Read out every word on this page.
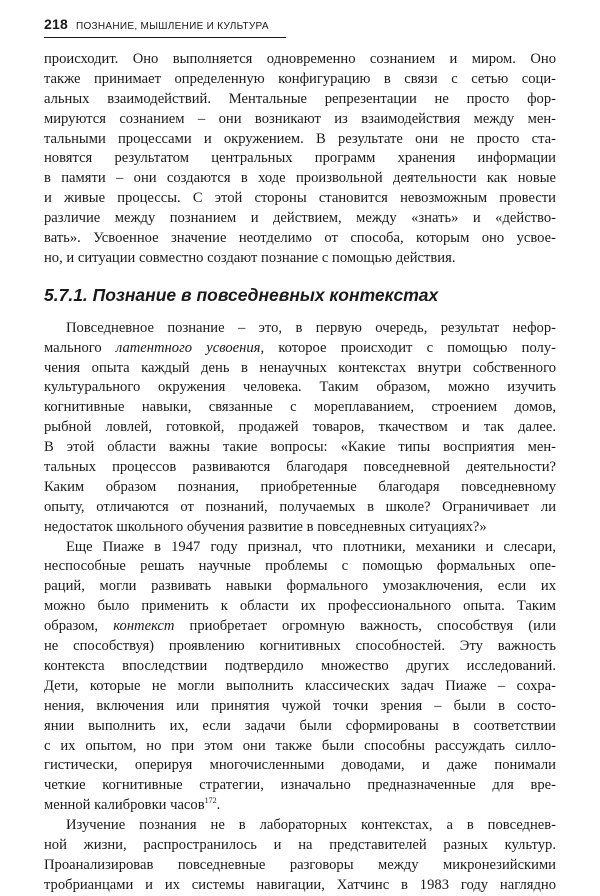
218 ПОЗНАНИЕ, МЫШЛЕНИЕ И КУЛЬТУРА
происходит. Оно выполняется одновременно сознанием и миром. Оно
также принимает определенную конфигурацию в связи с сетью соци-
альных взаимодействий. Ментальные репрезентации не просто фор-
мируются сознанием – они возникают из взаимодействия между мен-
тальными процессами и окружением. В результате они не просто ста-
новятся результатом центральных программ хранения информации
в памяти – они создаются в ходе произвольной деятельности как новые
и живые процессы. С этой стороны становится невозможным провести
различие между познанием и действием, между «знать» и «действо-
вать». Усвоенное значение неотделимо от способа, которым оно усвое-
но, и ситуации совместно создают познание с помощью действия.
5.7.1. Познание в повседневных контекстах
Повседневное познание – это, в первую очередь, результат нефор-
мального латентного усвоения, которое происходит с помощью полу-
чения опыта каждый день в ненаучных контекстах внутри собственного
культурального окружения человека. Таким образом, можно изучить
когнитивные навыки, связанные с мореплаванием, строением домов,
рыбной ловлей, готовкой, продажей товаров, ткачеством и так далее.
В этой области важны такие вопросы: «Какие типы восприятия мен-
тальных процессов развиваются благодаря повседневной деятельности?
Каким образом познания, приобретенные благодаря повседневному
опыту, отличаются от познаний, получаемых в школе? Ограничивает ли
недостаток школьного обучения развитие в повседневных ситуациях?»
Еще Пиаже в 1947 году признал, что плотники, механики и слесари,
неспособные решать научные проблемы с помощью формальных опе-
раций, могли развивать навыки формального умозаключения, если их
можно было применить к области их профессионального опыта. Таким
образом, контекст приобретает огромную важность, способствуя (или
не способствуя) проявлению когнитивных способностей. Эту важность
контекста впоследствии подтвердило множество других исследований.
Дети, которые не могли выполнить классических задач Пиаже – сохра-
нения, включения или принятия чужой точки зрения – были в состо-
янии выполнить их, если задачи были сформированы в соответствии
с их опытом, но при этом они также были способны рассуждать силло-
гистически, оперируя многочисленными доводами, и даже понимали
четкие когнитивные стратегии, изначально предназначенные для вре-
менной калибровки часов$^{172}$.
Изучение познания не в лабораторных контекстах, а в повседнев-
ной жизни, распространилось и на представителей разных культур.
Проанализировав повседневные разговоры между микронезийскими
тробрианцами и их системы навигации, Хатчинс в 1983 году наглядно
